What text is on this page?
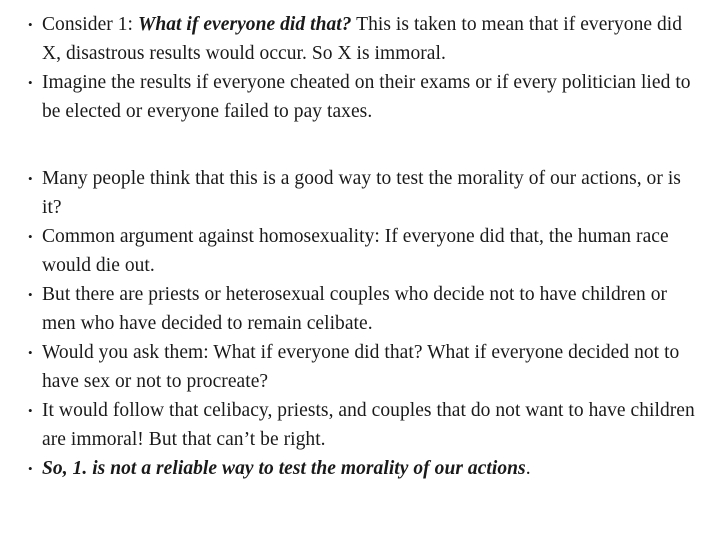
• Consider 1: What if everyone did that? This is taken to mean that if everyone did X, disastrous results would occur. So X is immoral.
• Imagine the results if everyone cheated on their exams or if every politician lied to be elected or everyone failed to pay taxes.
• Many people think that this is a good way to test the morality of our actions, or is it?
• Common argument against homosexuality: If everyone did that, the human race would die out.
• But there are priests or heterosexual couples who decide not to have children or men who have decided to remain celibate.
• Would you ask them: What if everyone did that? What if everyone decided not to have sex or not to procreate?
• It would follow that celibacy, priests, and couples that do not want to have children are immoral! But that can’t be right.
• So, 1. is not a reliable way to test the morality of our actions.
